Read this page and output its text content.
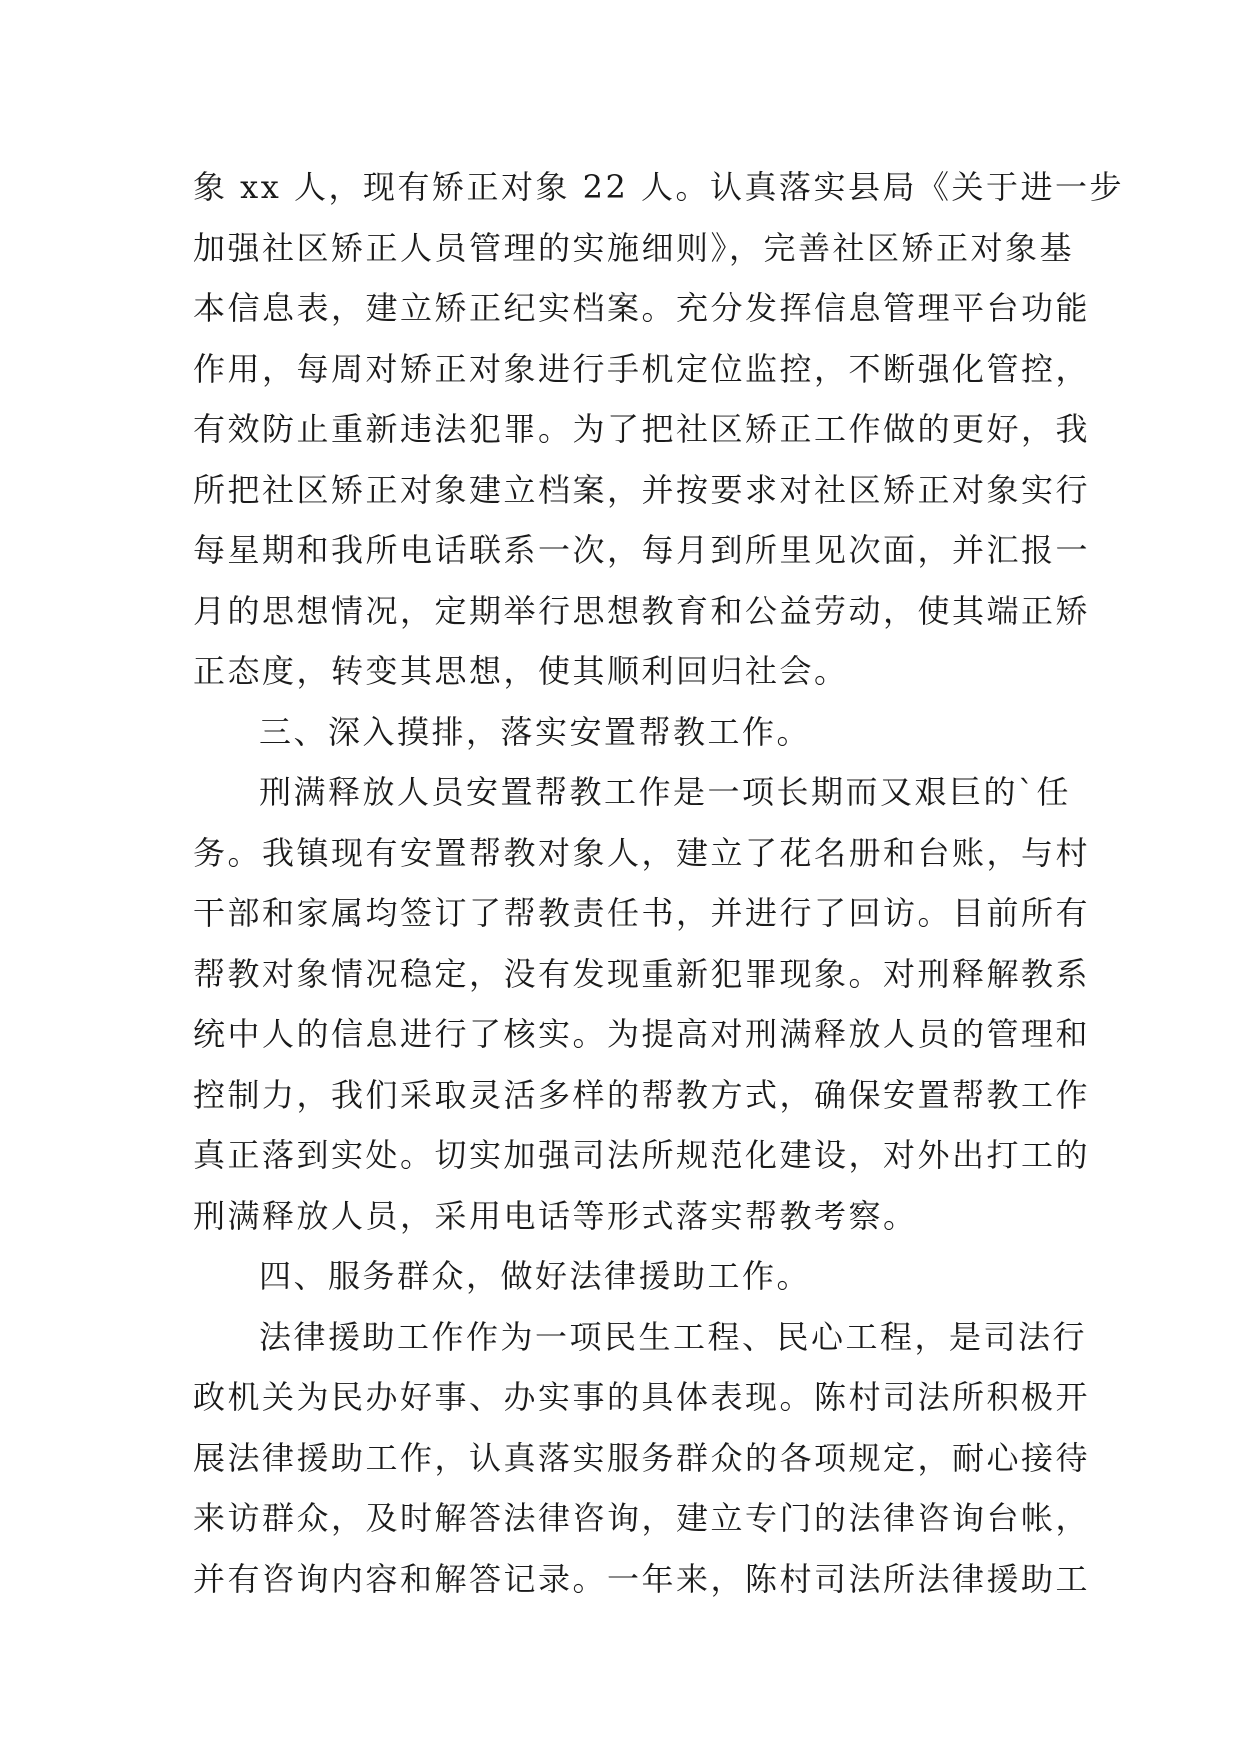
象 xx 人，现有矫正对象 22 人。认真落实县局《关于进一步
加强社区矫正人员管理的实施细则》，完善社区矫正对象基
本信息表，建立矫正纪实档案。充分发挥信息管理平台功能
作用，每周对矫正对象进行手机定位监控，不断强化管控，
有效防止重新违法犯罪。为了把社区矫正工作做的更好，我
所把社区矫正对象建立档案，并按要求对社区矫正对象实行
每星期和我所电话联系一次，每月到所里见次面，并汇报一
月的思想情况，定期举行思想教育和公益劳动，使其端正矫
正态度，转变其思想，使其顺利回归社会。
三、深入摸排，落实安置帮教工作。
刑满释放人员安置帮教工作是一项长期而又艰巨的`任
务。我镇现有安置帮教对象人，建立了花名册和台账，与村
干部和家属均签订了帮教责任书，并进行了回访。目前所有
帮教对象情况稳定，没有发现重新犯罪现象。对刑释解教系
统中人的信息进行了核实。为提高对刑满释放人员的管理和
控制力，我们采取灵活多样的帮教方式，确保安置帮教工作
真正落到实处。切实加强司法所规范化建设，对外出打工的
刑满释放人员，采用电话等形式落实帮教考察。
四、服务群众，做好法律援助工作。
法律援助工作作为一项民生工程、民心工程，是司法行
政机关为民办好事、办实事的具体表现。陈村司法所积极开
展法律援助工作，认真落实服务群众的各项规定，耐心接待
来访群众，及时解答法律咨询，建立专门的法律咨询台帐，
并有咨询内容和解答记录。一年来，陈村司法所法律援助工
